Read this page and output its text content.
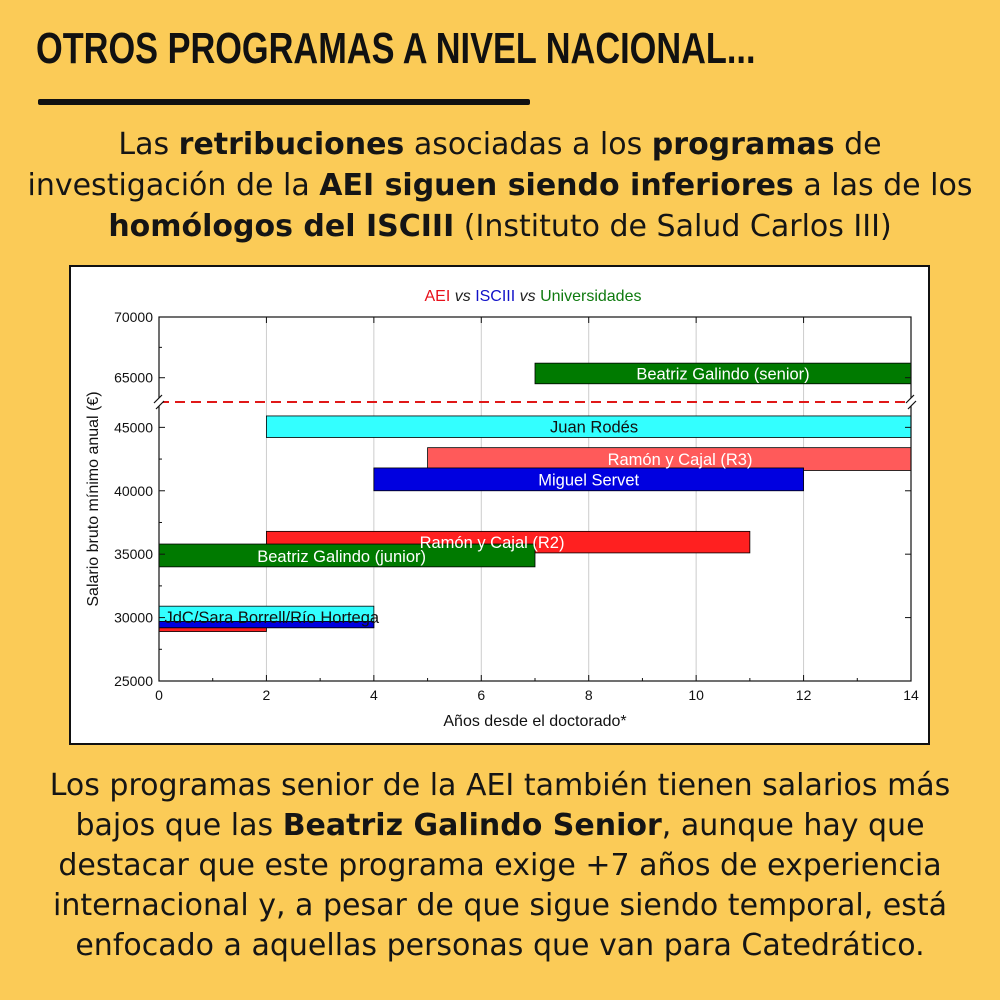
OTROS PROGRAMAS A NIVEL NACIONAL...
Las retribuciones asociadas a los programas de investigación de la AEI siguen siendo inferiores a las de los homólogos del ISCIII (Instituto de Salud Carlos III)
Beatriz Galindo (senior)
Juan Rodés
Ramón y Cajal (R3)
Miguel Servet
Ramón y Cajal (R2)
Beatriz Galindo (junior)
JdC/Sara Borrell/Río Hortega
0	2	4	6	8	10	12	14
25000
30000
35000
40000
45000
65000
70000
AEI vs ISCIII vs Universidades
Años desde el doctorado*
Salario bruto mínimo anual (€)
Los programas senior de la AEI también tienen salarios más bajos que las Beatriz Galindo Senior, aunque hay que destacar que este programa exige +7 años de experiencia internacional y, a pesar de que sigue siendo temporal, está enfocado a aquellas personas que van para Catedrático.
